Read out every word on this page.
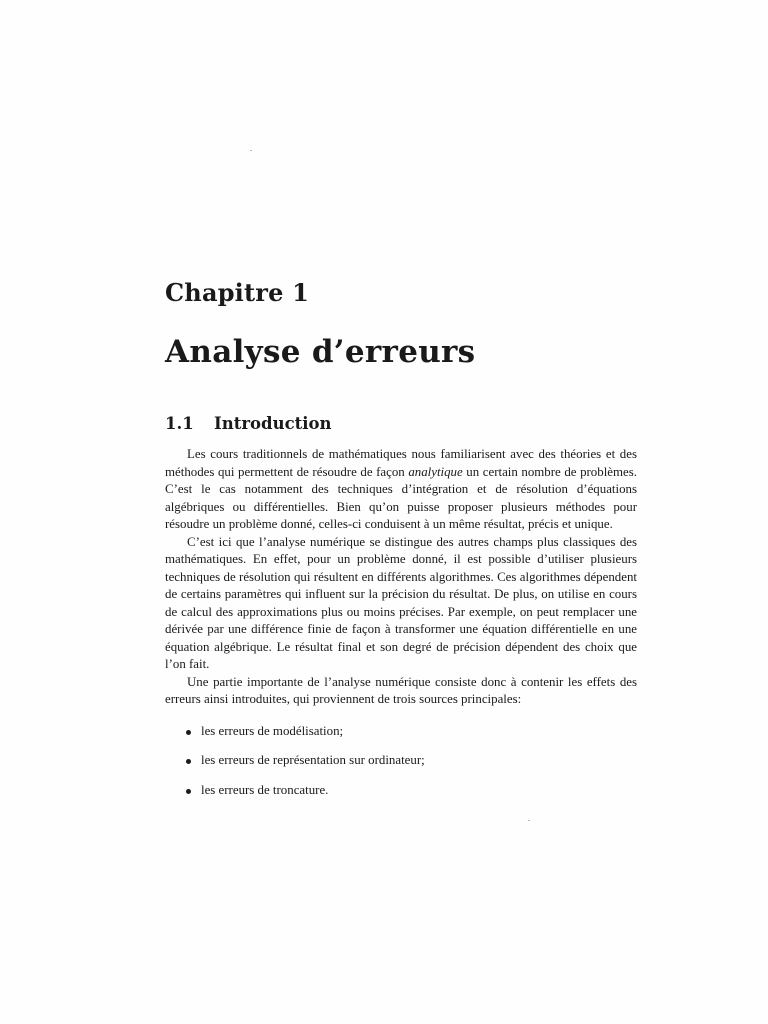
Chapitre 1
Analyse d’erreurs
1.1 Introduction

Les cours traditionnels de mathématiques nous familiarisent avec des théories et des méthodes qui permettent de résoudre de façon analytique un certain nombre de problèmes. C’est le cas notamment des techniques d’intégration et de résolution d’équations algébriques ou différentielles. Bien qu’on puisse proposer plusieurs méthodes pour résoudre un problème donné, celles-ci conduisent à un même résultat, précis et unique.

C’est ici que l’analyse numérique se distingue des autres champs plus classiques des mathématiques. En effet, pour un problème donné, il est possible d’utiliser plusieurs techniques de résolution qui résultent en différents algorithmes. Ces algorithmes dépendent de certains paramètres qui influent sur la précision du résultat. De plus, on utilise en cours de calcul des approximations plus ou moins précises. Par exemple, on peut remplacer une dérivée par une différence finie de façon à transformer une équation différentielle en une équation algébrique. Le résultat final et son degré de précision dépendent des choix que l’on fait.

Une partie importante de l’analyse numérique consiste donc à contenir les effets des erreurs ainsi introduites, qui proviennent de trois sources principales:

les erreurs de modélisation;
les erreurs de représentation sur ordinateur;
les erreurs de troncature.
